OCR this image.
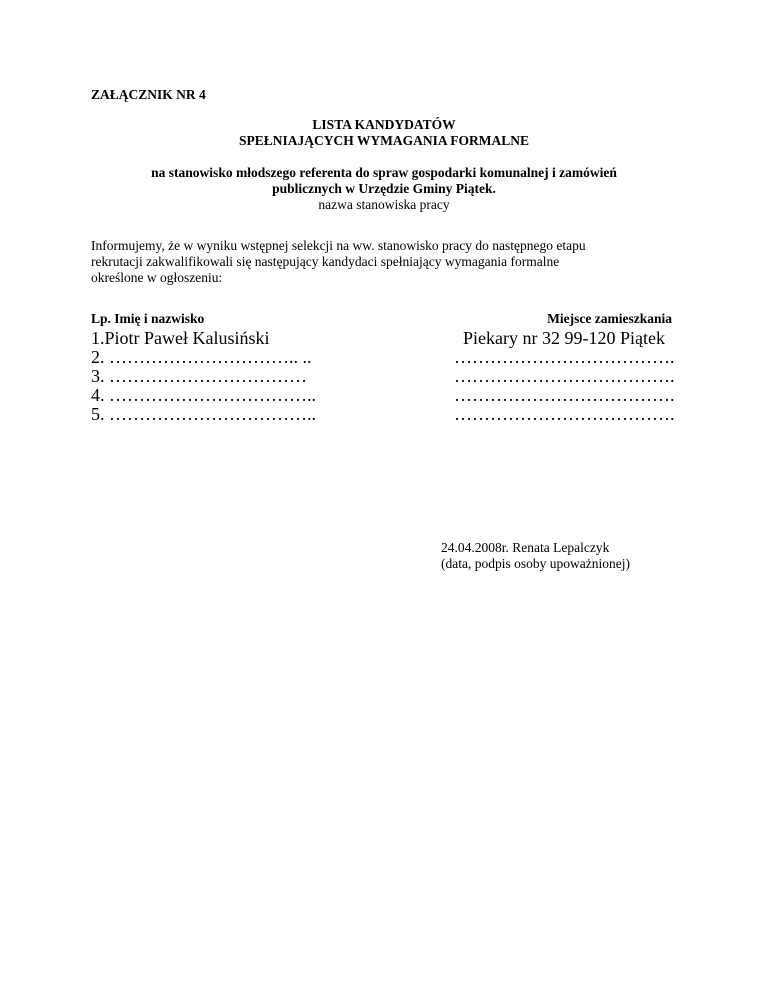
ZAŁĄCZNIK NR 4
LISTA KANDYDATÓW
SPEŁNIAJĄCYCH WYMAGANIA FORMALNE
na stanowisko młodszego referenta do spraw gospodarki komunalnej i zamówień
publicznych w Urzędzie Gminy Piątek.
nazwa stanowiska pracy
Informujemy, że w wyniku wstępnej selekcji na ww. stanowisko pracy do następnego etapu
rekrutacji zakwalifikowali się następujący kandydaci spełniający wymagania formalne
określone w ogłoszeniu:
Lp. Imię i nazwisko	Miejsce zamieszkania
1.Piotr Paweł Kalusiński
2. ………………………….. ..
3. ……………………………
4. ……………………………..
5. ……………………………..
Piekary nr 32 99-120 Piątek
……………………………….
……………………………….
……………………………….
……………………………….
24.04.2008r. Renata Lepalczyk
(data, podpis osoby upoważnionej)
